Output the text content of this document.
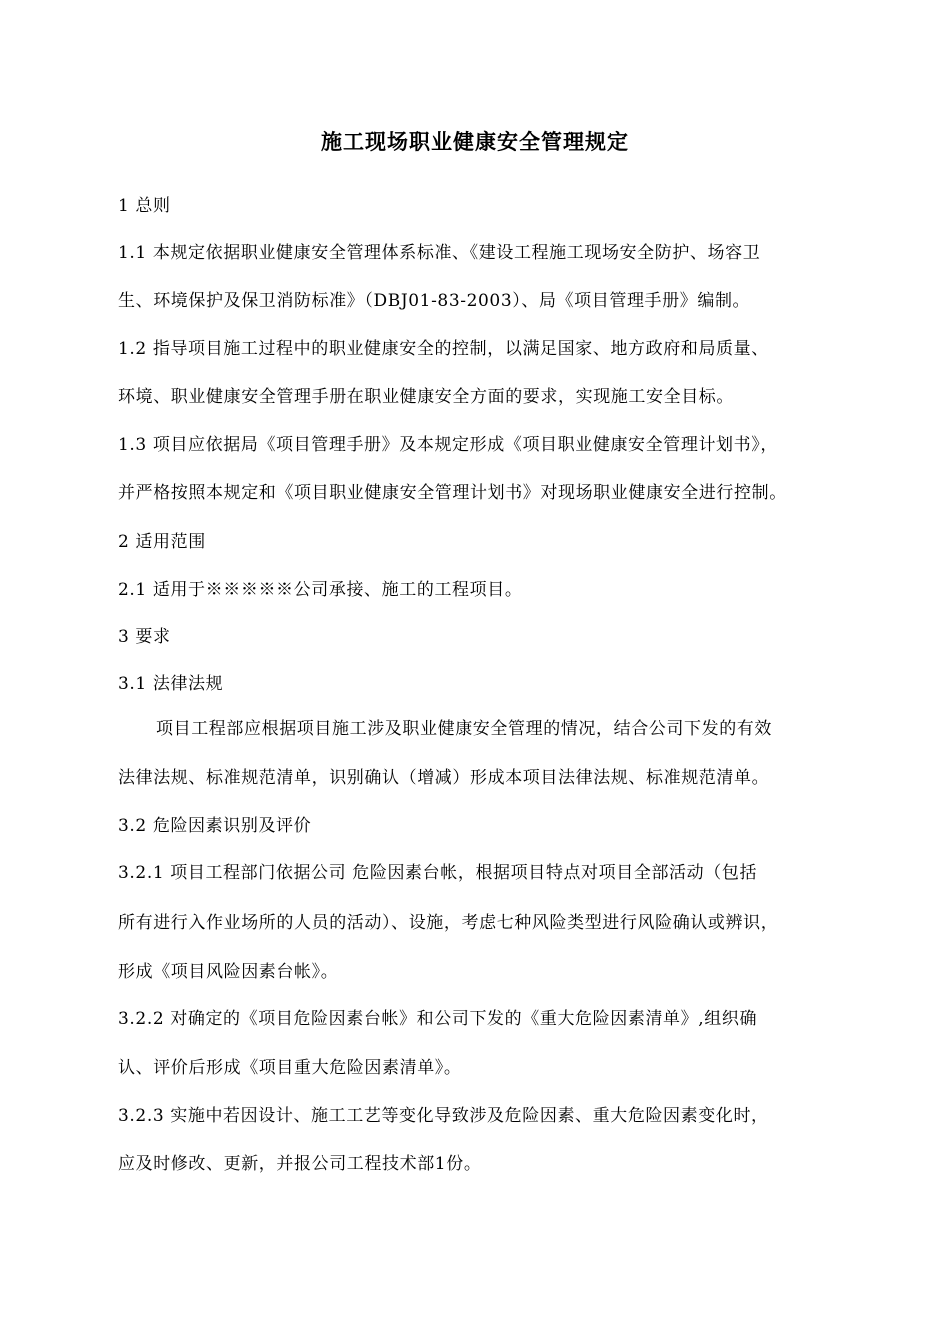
施工现场职业健康安全管理规定
1 总则
1.1 本规定依据职业健康安全管理体系标准、《建设工程施工现场安全防护、场容卫
生、环境保护及保卫消防标准》（DBJ01-83-2003）、局《项目管理手册》编制。
1.2 指导项目施工过程中的职业健康安全的控制，以满足国家、地方政府和局质量、
环境、职业健康安全管理手册在职业健康安全方面的要求，实现施工安全目标。
1.3 项目应依据局《项目管理手册》及本规定形成《项目职业健康安全管理计划书》，
并严格按照本规定和《项目职业健康安全管理计划书》对现场职业健康安全进行控制。
2 适用范围
2.1 适用于※※※※※公司承接、施工的工程项目。
3 要求
3.1 法律法规
项目工程部应根据项目施工涉及职业健康安全管理的情况，结合公司下发的有效
法律法规、标准规范清单，识别确认（增减）形成本项目法律法规、标准规范清单。
3.2 危险因素识别及评价
3.2.1 项目工程部门依据公司 危险因素台帐，根据项目特点对项目全部活动（包括
所有进行入作业场所的人员的活动）、设施，考虑七种风险类型进行风险确认或辨识，
形成《项目风险因素台帐》。
3.2.2 对确定的《项目危险因素台帐》和公司下发的《重大危险因素清单》,组织确
认、评价后形成《项目重大危险因素清单》。
3.2.3 实施中若因设计、施工工艺等变化导致涉及危险因素、重大危险因素变化时，
应及时修改、更新，并报公司工程技术部1份。
